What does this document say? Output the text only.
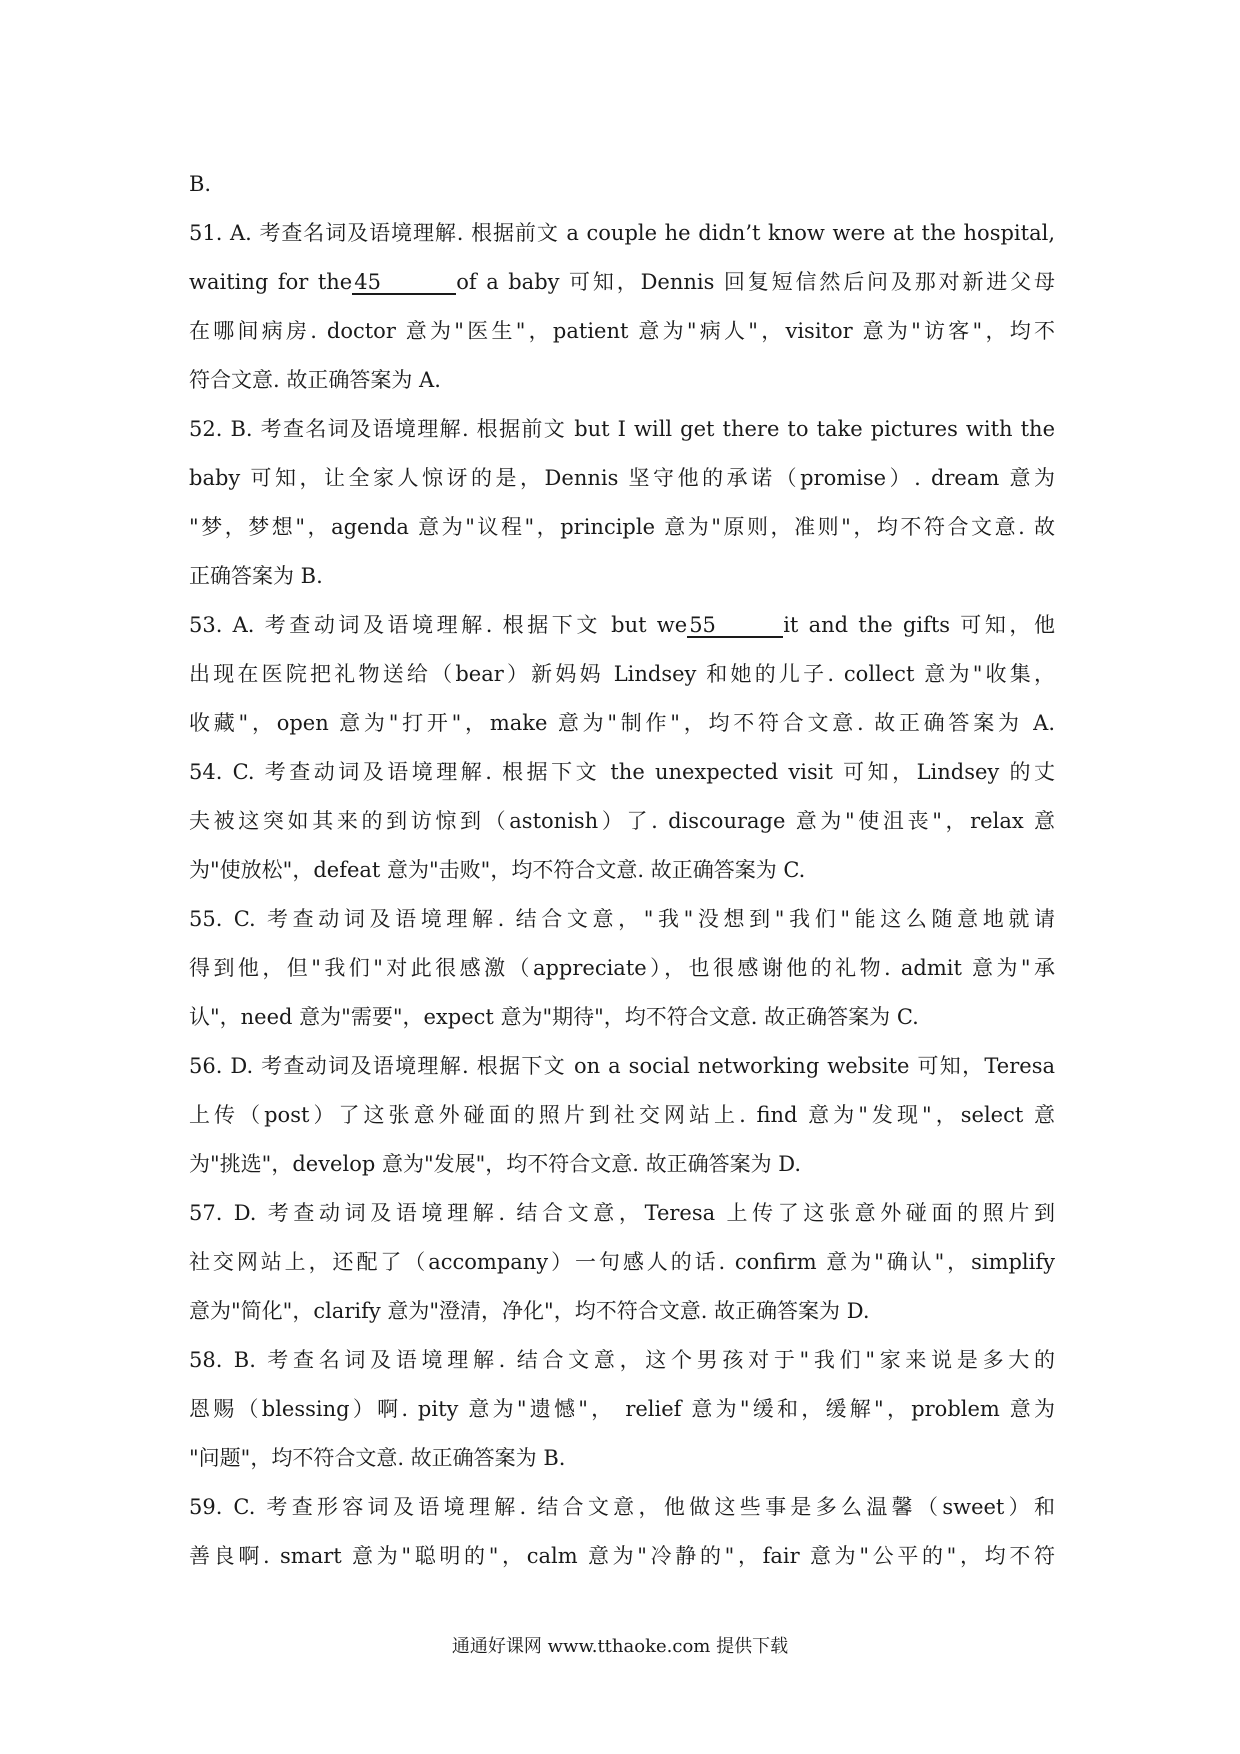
B.
51. A. 考查名词及语境理解. 根据前文 a couple he didn’t know were at the hospital,
waiting for the45	of a baby 可知，Dennis 回复短信然后问及那对新进父母
在哪间病房. doctor 意为"医生"，patient 意为"病人"，visitor 意为"访客"，均不
符合文意. 故正确答案为 A.
52. B. 考查名词及语境理解. 根据前文 but I will get there to take pictures with the
baby 可知，让全家人惊讶的是，Dennis 坚守他的承诺（promise）. dream 意为
"梦，梦想"，agenda 意为"议程"，principle 意为"原则，准则"，均不符合文意. 故
正确答案为 B.
53. A. 考查动词及语境理解. 根据下文 but we55	it and the gifts 可知，他
出现在医院把礼物送给（bear）新妈妈 Lindsey 和她的儿子. collect 意为"收集，
收藏"，open 意为"打开"，make 意为"制作"，均不符合文意. 故正确答案为 A.
54. C. 考查动词及语境理解. 根据下文 the unexpected visit 可知，Lindsey 的丈
夫被这突如其来的到访惊到（astonish）了. discourage 意为"使沮丧"，relax 意
为"使放松"，defeat 意为"击败"，均不符合文意. 故正确答案为 C.
55. C. 考查动词及语境理解. 结合文意，"我"没想到"我们"能这么随意地就请
得到他，但"我们"对此很感激（appreciate），也很感谢他的礼物. admit 意为"承
认"，need 意为"需要"，expect 意为"期待"，均不符合文意. 故正确答案为 C.
56. D. 考查动词及语境理解. 根据下文 on a social networking website 可知，Teresa
上传（post）了这张意外碰面的照片到社交网站上. find 意为"发现"，select 意
为"挑选"，develop 意为"发展"，均不符合文意. 故正确答案为 D.
57. D. 考查动词及语境理解. 结合文意，Teresa 上传了这张意外碰面的照片到
社交网站上，还配了（accompany）一句感人的话. confirm 意为"确认"，simplify
意为"简化"，clarify 意为"澄清，净化"，均不符合文意. 故正确答案为 D.
58. B. 考查名词及语境理解. 结合文意，这个男孩对于"我们"家来说是多大的
恩赐（blessing）啊. pity 意为"遗憾"， relief 意为"缓和，缓解"，problem 意为
"问题"，均不符合文意. 故正确答案为 B.
59. C. 考查形容词及语境理解. 结合文意，他做这些事是多么温馨（sweet）和
善良啊. smart 意为"聪明的"，calm 意为"冷静的"，fair 意为"公平的"，均不符
通通好课网 www.tthaoke.com 提供下载
